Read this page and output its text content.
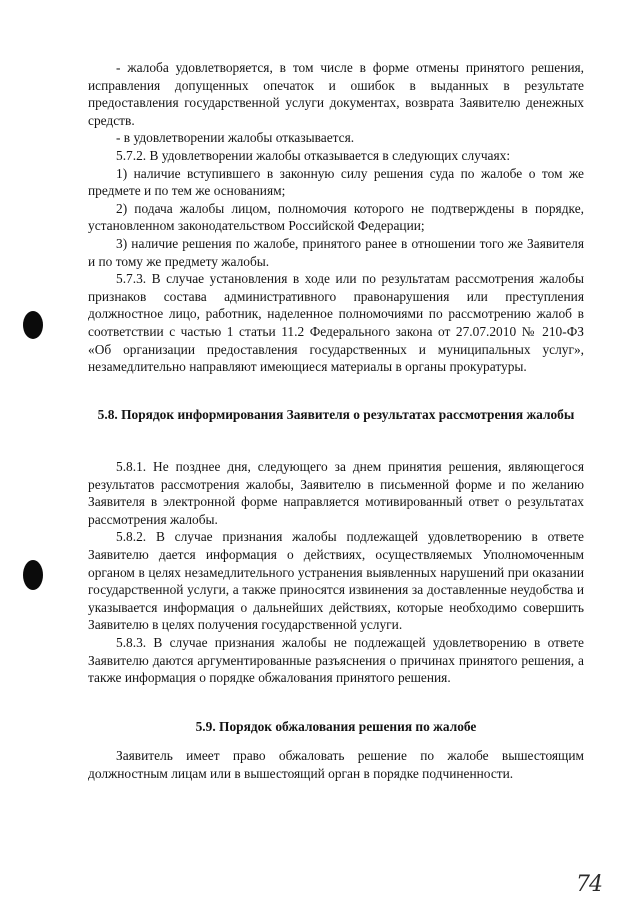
- жалоба удовлетворяется, в том числе в форме отмены принятого решения, исправления допущенных опечаток и ошибок в выданных в результате предоставления государственной услуги документах, возврата Заявителю денежных средств.

- в удовлетворении жалобы отказывается.

5.7.2. В удовлетворении жалобы отказывается в следующих случаях:

1) наличие вступившего в законную силу решения суда по жалобе о том же предмете и по тем же основаниям;

2) подача жалобы лицом, полномочия которого не подтверждены в порядке, установленном законодательством Российской Федерации;

3) наличие решения по жалобе, принятого ранее в отношении того же Заявителя и по тому же предмету жалобы.

5.7.3. В случае установления в ходе или по результатам рассмотрения жалобы признаков состава административного правонарушения или преступления должностное лицо, работник, наделенное полномочиями по рассмотрению жалоб в соответствии с частью 1 статьи 11.2 Федерального закона от 27.07.2010 № 210-ФЗ «Об организации предоставления государственных и муниципальных услуг», незамедлительно направляют имеющиеся материалы в органы прокуратуры.

5.8. Порядок информирования Заявителя о результатах рассмотрения жалобы

5.8.1. Не позднее дня, следующего за днем принятия решения, являющегося результатов рассмотрения жалобы, Заявителю в письменной форме и по желанию Заявителя в электронной форме направляется мотивированный ответ о результатах рассмотрения жалобы.

5.8.2. В случае признания жалобы подлежащей удовлетворению в ответе Заявителю дается информация о действиях, осуществляемых Уполномоченным органом в целях незамедлительного устранения выявленных нарушений при оказании государственной услуги, а также приносятся извинения за доставленные неудобства и указывается информация о дальнейших действиях, которые необходимо совершить Заявителю в целях получения государственной услуги.

5.8.3. В случае признания жалобы не подлежащей удовлетворению в ответе Заявителю даются аргументированные разъяснения о причинах принятого решения, а также информация о порядке обжалования принятого решения.

5.9. Порядок обжалования решения по жалобе

Заявитель имеет право обжаловать решение по жалобе вышестоящим должностным лицам или в вышестоящий орган в порядке подчиненности.

74
